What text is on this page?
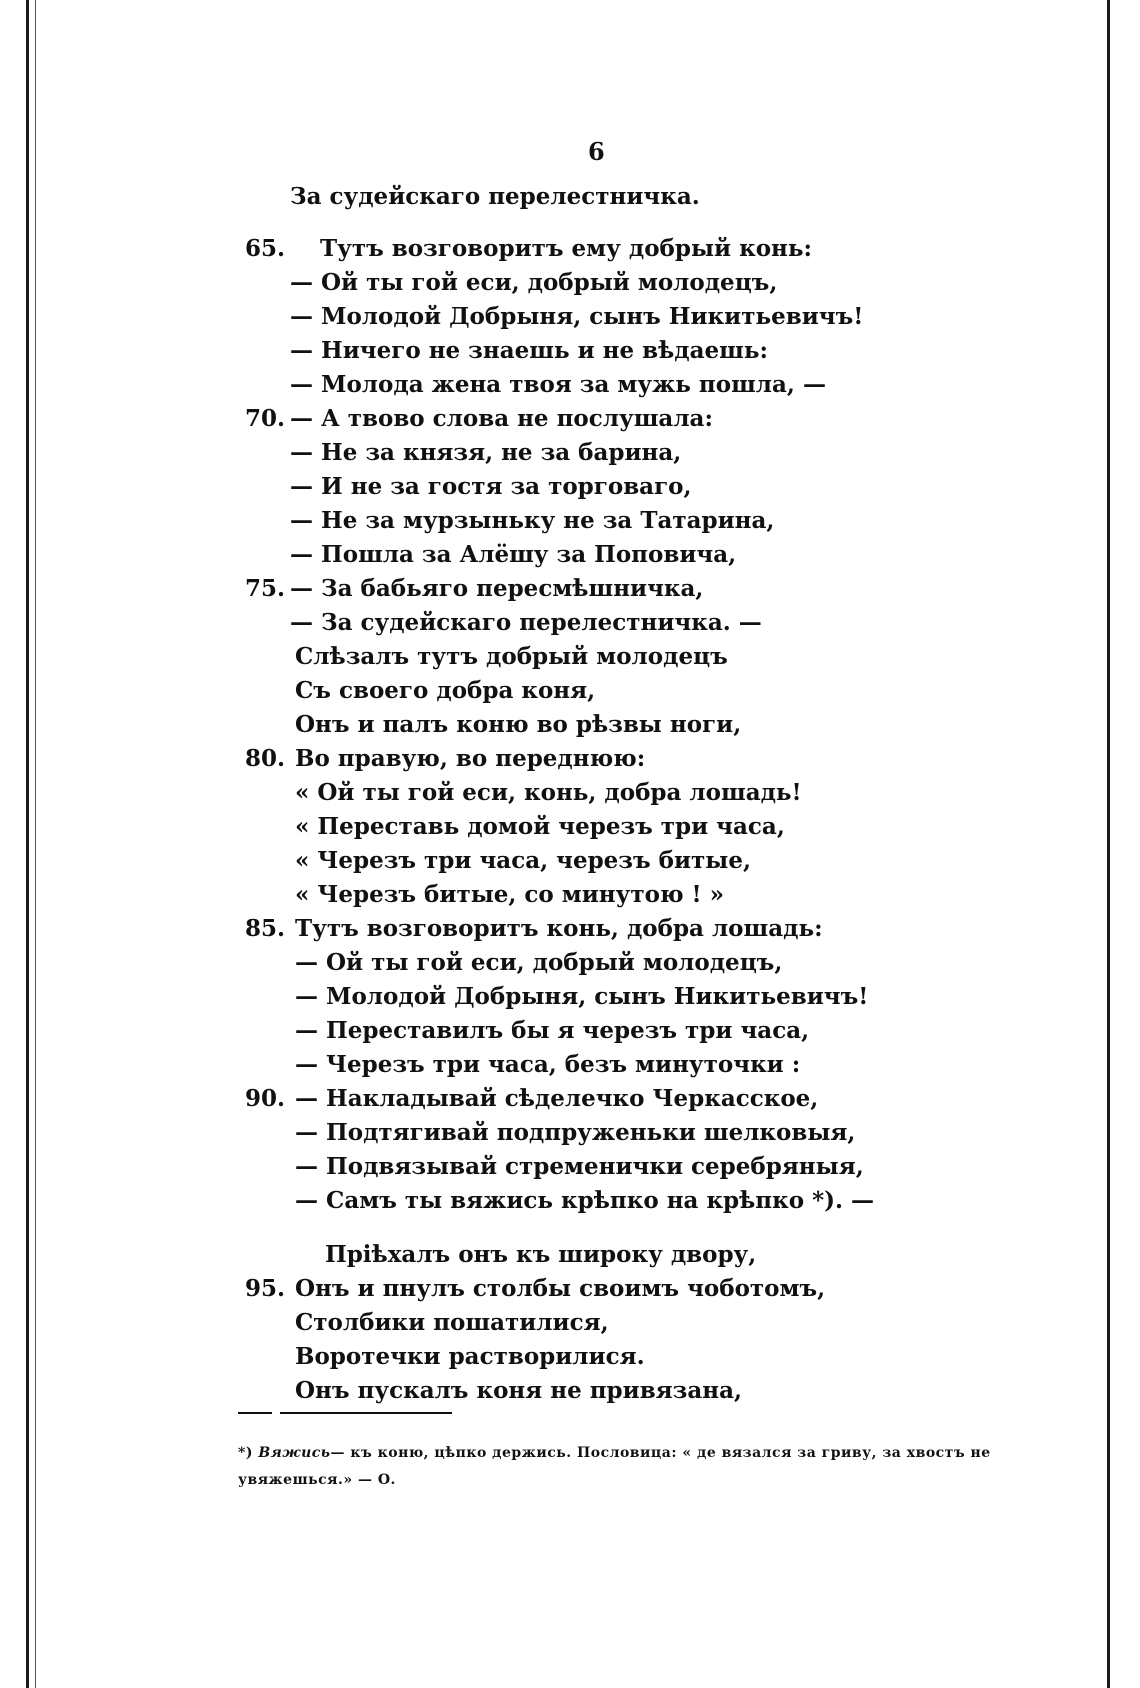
6
За судейскаго перелестничка.
65. Тутъ возговоритъ ему добрый конь:
— Ой ты гой еси, добрый молодецъ,
— Молодой Добрыня, сынъ Никитьевичъ!
— Ничего не знаешь и не вѣдаешь:
— Молода жена твоя за мужь пошла, —
70. — А твово слова не послушала:
— Не за князя, не за барина,
— И не за гостя за торговаго,
— Не за мурзыньку не за Татарина,
— Пошла за Алёшу за Поповича,
75. — За бабьяго пересмѣшничка,
— За судейскаго перелестничка. —
Слѣзалъ тутъ добрый молодецъ
Съ своего добра коня,
Онъ и палъ коню во рѣзвы ноги,
80. Во правую, во переднюю:
« Ой ты гой еси, конь, добра лошадь!
« Переставь домой черезъ три часа,
« Черезъ три часа, черезъ битые,
« Черезъ битые, со минутою ! »
85. Тутъ возговоритъ конь, добра лошадь:
— Ой ты гой еси, добрый молодецъ,
— Молодой Добрыня, сынъ Никитьевичъ!
— Переставилъ бы я черезъ три часа,
— Черезъ три часа, безъ минуточки :
90. — Накладывай сѣделечко Черкасское,
— Подтягивай подпруженьки шелковыя,
— Подвязывай стременички серебряныя,
— Самъ ты вяжись крѣпко на крѣпко *). —
Пріѣхалъ онъ къ широку двору,
95. Онъ и пнулъ столбы своимъ чоботомъ,
Столбики пошатилися,
Воротечки растворилися.
Онъ пускалъ коня не привязана,
*) Вяжись— къ коню, цѣпко держись. Пословица: « де вязался за гриву, за хвостъ не увяжешься.» — О.
